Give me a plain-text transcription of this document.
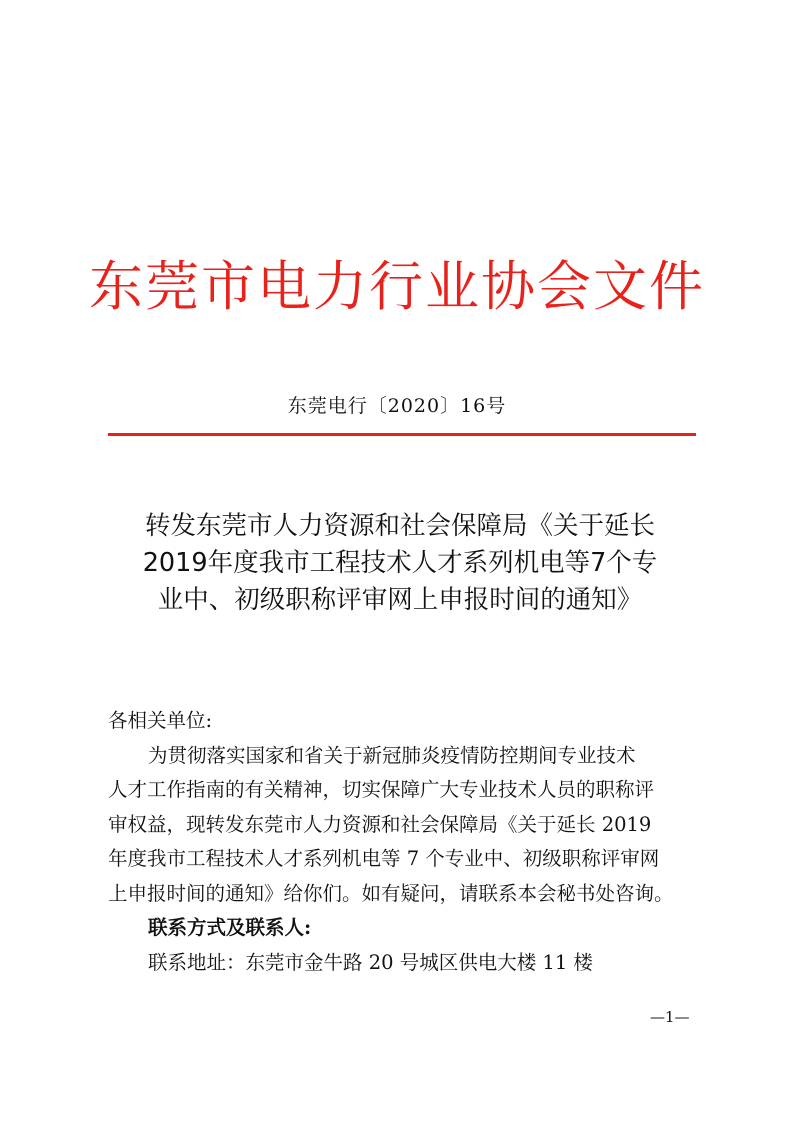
东莞市电力行业协会文件
东莞电行〔2020〕16号
转发东莞市人力资源和社会保障局《关于延长
2019年度我市工程技术人才系列机电等7个专
业中、初级职称评审网上申报时间的通知》

各相关单位:

为贯彻落实国家和省关于新冠肺炎疫情防控期间专业技术

人才工作指南的有关精神，切实保障广大专业技术人员的职称评

审权益，现转发东莞市人力资源和社会保障局《关于延长 2019

年度我市工程技术人才系列机电等 7 个专业中、初级职称评审网

上申报时间的通知》给你们。如有疑问，请联系本会秘书处咨询。

联系方式及联系人:

联系地址：东莞市金牛路 20 号城区供电大楼 11 楼

—1—
